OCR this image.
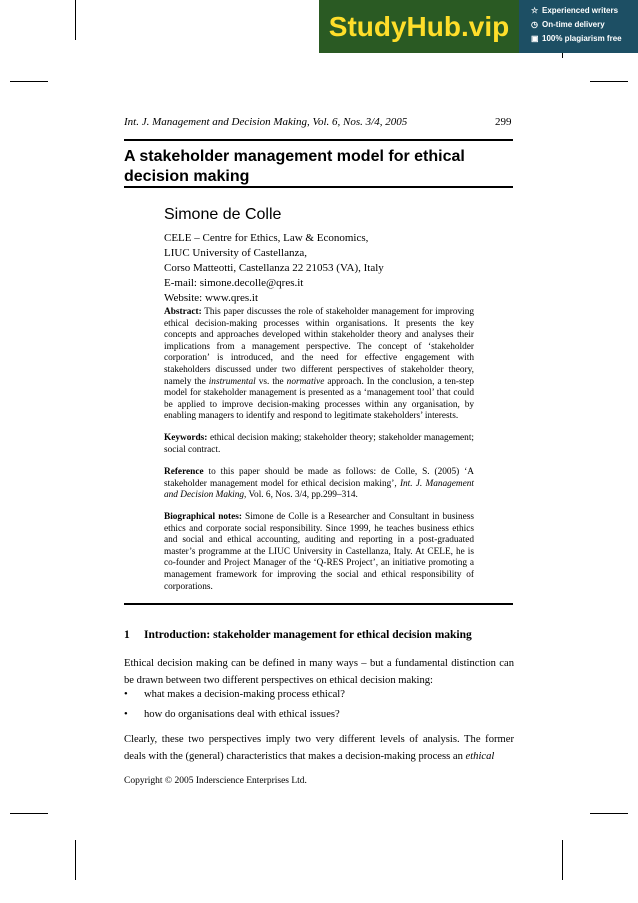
StudyHub.vip
☆ Experienced writers
◷ On-time delivery
▣ 100% plagiarism free
Int. J. Management and Decision Making, Vol. 6, Nos. 3/4, 2005	299
A stakeholder management model for ethical decision making
Simone de Colle
CELE – Centre for Ethics, Law & Economics,
LIUC University of Castellanza,
Corso Matteotti, Castellanza 22 21053 (VA), Italy
E-mail: simone.decolle@qres.it
Website: www.qres.it
Abstract: This paper discusses the role of stakeholder management for improving ethical decision-making processes within organisations. It presents the key concepts and approaches developed within stakeholder theory and analyses their implications from a management perspective. The concept of ‘stakeholder corporation’ is introduced, and the need for effective engagement with stakeholders discussed under two different perspectives of stakeholder theory, namely the instrumental vs. the normative approach. In the conclusion, a ten-step model for stakeholder management is presented as a ‘management tool’ that could be applied to improve decision-making processes within any organisation, by enabling managers to identify and respond to legitimate stakeholders’ interests.
Keywords: ethical decision making; stakeholder theory; stakeholder management; social contract.
Reference to this paper should be made as follows: de Colle, S. (2005) ‘A stakeholder management model for ethical decision making’, Int. J. Management and Decision Making, Vol. 6, Nos. 3/4, pp.299–314.
Biographical notes: Simone de Colle is a Researcher and Consultant in business ethics and corporate social responsibility. Since 1999, he teaches business ethics and social and ethical accounting, auditing and reporting in a post-graduated master’s programme at the LIUC University in Castellanza, Italy. At CELE, he is co-founder and Project Manager of the ‘Q-RES Project’, an initiative promoting a management framework for improving the social and ethical responsibility of corporations.
1 Introduction: stakeholder management for ethical decision making
Ethical decision making can be defined in many ways – but a fundamental distinction can be drawn between two different perspectives on ethical decision making:
• what makes a decision-making process ethical?
• how do organisations deal with ethical issues?
Clearly, these two perspectives imply two very different levels of analysis. The former deals with the (general) characteristics that makes a decision-making process an ethical
Copyright © 2005 Inderscience Enterprises Ltd.
